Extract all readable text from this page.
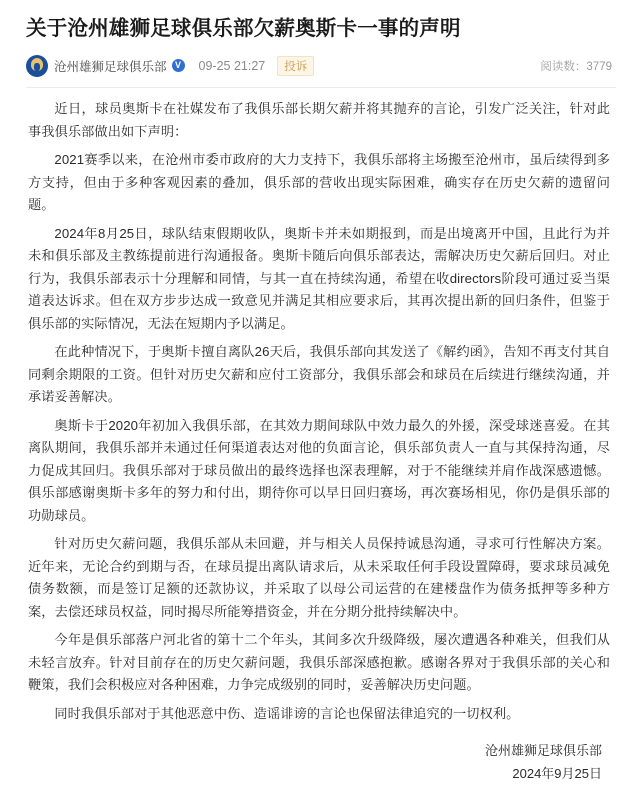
关于沧州雄狮足球俱乐部欠薪奥斯卡一事的声明
沧州雄狮足球俱乐部 V 09-25 21:27	投诉	阅读数：3779

近日，球员奥斯卡在社媒发布了我俱乐部长期欠薪并将其抛弃的言论，引发广泛关注，针对此事我俱乐部做出如下声明：

2021赛季以来，在沧州市委市政府的大力支持下，我俱乐部将主场搬至沧州市，虽后续得到多方支持，但由于多种客观因素的叠加，俱乐部的营收出现实际困难，确实存在历史欠薪的遗留问题。

2024年8月25日，球队结束假期收队，奥斯卡并未如期报到，而是出境离开中国，且此行为并未和俱乐部及主教练提前进行沟通报备。奥斯卡随后向俱乐部表达，需解决历史欠薪后回归。对止行为，我俱乐部表示十分理解和同情，与其一直在持续沟通，希望在收directors阶段可通过妥当渠道表达诉求。但在双方步步达成一致意见并满足其相应要求后，其再次提出新的回归条件，但鉴于俱乐部的实际情况，无法在短期内予以满足。

在此种情况下，于奥斯卡擅自离队26天后，我俱乐部向其发送了《解约函》，告知不再支付其自同剩余期限的工资。但针对历史欠薪和应付工资部分，我俱乐部会和球员在后续进行继续沟通，并承诺妥善解决。

奥斯卡于2020年初加入我俱乐部，在其效力期间球队中效力最久的外援，深受球迷喜爱。在其离队期间，我俱乐部并未通过任何渠道表达对他的负面言论，俱乐部负责人一直与其保持沟通，尽力促成其回归。我俱乐部对于球员做出的最终选择也深表理解，对于不能继续并肩作战深感遗憾。俱乐部感谢奥斯卡多年的努力和付出，期待你可以早日回归赛场，再次赛场相见，你仍是俱乐部的功勋球员。

针对历史欠薪问题，我俱乐部从未回避，并与相关人员保持诚恳沟通，寻求可行性解决方案。近年来，无论合约到期与否，在球员提出离队请求后，从未采取任何手段设置障碍，要求球员减免债务数额，而是签订足额的还款协议，并采取了以母公司运营的在建楼盘作为债务抵押等多种方案，去偿还球员权益，同时揭尽所能筹措资金，并在分期分批持续解决中。

今年是俱乐部落户河北省的第十二个年头，其间多次升级降级，屡次遭遇各种难关，但我们从未轻言放弃。针对目前存在的历史欠薪问题，我俱乐部深感抱歉。感谢各界对于我俱乐部的关心和鞭策，我们会积极应对各种困难，力争完成级别的同时，妥善解决历史问题。

同时我俱乐部对于其他恶意中伤、造谣诽谤的言论也保留法律追究的一切权利。

沧州雄狮足球俱乐部
2024年9月25日
